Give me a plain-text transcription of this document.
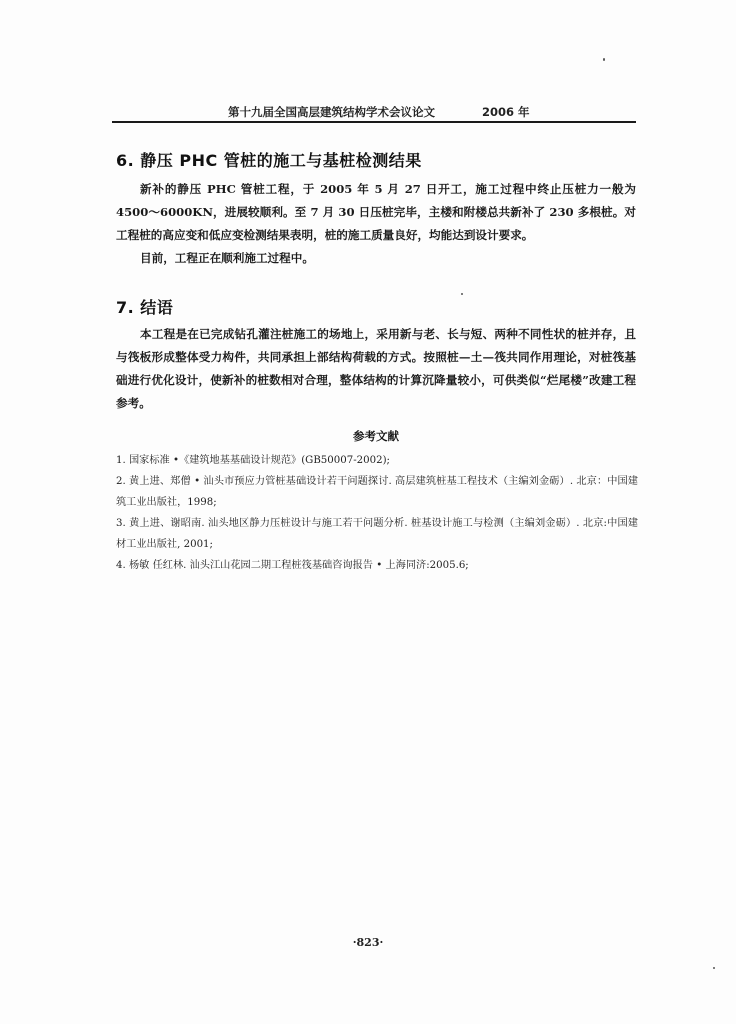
第十九届全国高层建筑结构学术会议论文	2006 年
6. 静压 PHC 管桩的施工与基桩检测结果
新补的静压 PHC 管桩工程，于 2005 年 5 月 27 日开工，施工过程中终止压桩力一般为 4500～6000KN，进展较顺利。至 7 月 30 日压桩完毕，主楼和附楼总共新补了 230 多根桩。对工程桩的高应变和低应变检测结果表明，桩的施工质量良好，均能达到设计要求。
目前，工程正在顺利施工过程中。
7. 结语
本工程是在已完成钻孔灌注桩施工的场地上，采用新与老、长与短、两种不同性状的桩并存，且与筏板形成整体受力构件，共同承担上部结构荷载的方式。按照桩—土—筏共同作用理论，对桩筏基础进行优化设计，使新补的桩数相对合理，整体结构的计算沉降量较小，可供类似“烂尾楼”改建工程参考。
参考文献
1. 国家标准 •《建筑地基基础设计规范》(GB50007-2002);
2. 黄上进、郑僧 • 汕头市预应力管桩基础设计若干问题探讨. 高层建筑桩基工程技术（主编刘金砺）. 北京：中国建筑工业出版社，1998;
3. 黄上进、谢昭南. 汕头地区静力压桩设计与施工若干问题分析. 桩基设计施工与检测（主编刘金砺）. 北京:中国建材工业出版社, 2001;
4. 杨敏 任红林. 汕头江山花园二期工程桩筏基础咨询报告 • 上海同济:2005.6;
·823·
